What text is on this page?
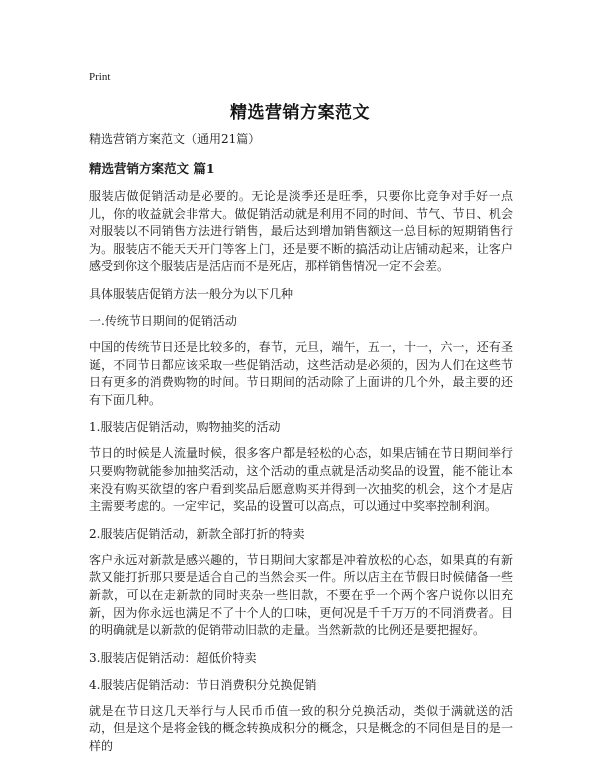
Print
精选营销方案范文
精选营销方案范文（通用21篇）
精选营销方案范文 篇1

服装店做促销活动是必要的。无论是淡季还是旺季，只要你比竞争对手好一点儿，你的收益就会非常大。做促销活动就是利用不同的时间、节气、节日、机会对服装以不同销售方法进行销售，最后达到增加销售额这一总目标的短期销售行为。服装店不能天天开门等客上门，还是要不断的搞活动让店铺动起来，让客户感受到你这个服装店是活店而不是死店，那样销售情况一定不会差。

具体服装店促销方法一般分为以下几种

一.传统节日期间的促销活动

中国的传统节日还是比较多的，春节，元旦，端午，五一，十一，六一，还有圣诞，不同节日都应该采取一些促销活动，这些活动是必须的，因为人们在这些节日有更多的消费购物的时间。节日期间的活动除了上面讲的几个外，最主要的还有下面几种。

1.服装店促销活动，购物抽奖的活动

节日的时候是人流量时候，很多客户都是轻松的心态，如果店铺在节日期间举行只要购物就能参加抽奖活动，这个活动的重点就是活动奖品的设置，能不能让本来没有购买欲望的客户看到奖品后愿意购买并得到一次抽奖的机会，这个才是店主需要考虑的。一定牢记，奖品的设置可以高点，可以通过中奖率控制利润。

2.服装店促销活动，新款全部打折的特卖

客户永远对新款是感兴趣的，节日期间大家都是冲着放松的心态，如果真的有新款又能打折那只要是适合自己的当然会买一件。所以店主在节假日时候储备一些新款，可以在走新款的同时夹杂一些旧款，不要在乎一个两个客户说你以旧充新，因为你永远也满足不了十个人的口味，更何况是千千万万的不同消费者。目的明确就是以新款的促销带动旧款的走量。当然新款的比例还是要把握好。

3.服装店促销活动：超低价特卖

4.服装店促销活动：节日消费积分兑换促销

就是在节日这几天举行与人民币币值一致的积分兑换活动，类似于满就送的活动，但是这个是将金钱的概念转换成积分的概念，只是概念的不同但是目的是一样的
